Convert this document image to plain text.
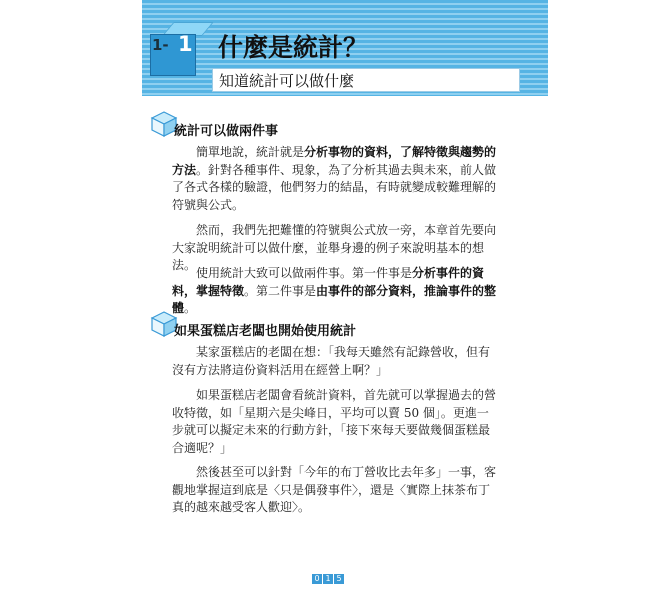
1- 1 什麼是統計？
知道統計可以做什麼
統計可以做兩件事

簡單地說，統計就是分析事物的資料，了解特徵與趨勢的方法。針對各種事件、現象，為了分析其過去與未來，前人做了各式各樣的驗證，他們努力的結晶，有時就變成較難理解的符號與公式。

然而，我們先把難懂的符號與公式放一旁，本章首先要向大家說明統計可以做什麼，並舉身邊的例子來說明基本的想法。

使用統計大致可以做兩件事。第一件事是分析事件的資料，掌握特徵。第二件事是由事件的部分資料，推論事件的整體。

如果蛋糕店老闆也開始使用統計

某家蛋糕店的老闆在想：「我每天雖然有記錄營收，但有沒有方法將這份資料活用在經營上啊？」

如果蛋糕店老闆會看統計資料，首先就可以掌握過去的營收特徵，如「星期六是尖峰日，平均可以賣 50 個」。更進一步就可以擬定未來的行動方針，「接下來每天要做幾個蛋糕最合適呢？」

然後甚至可以針對「今年的布丁營收比去年多」一事，客觀地掌握這到底是〈只是偶發事件〉，還是〈實際上抹茶布丁真的越來越受客人歡迎〉。

0 1 5
